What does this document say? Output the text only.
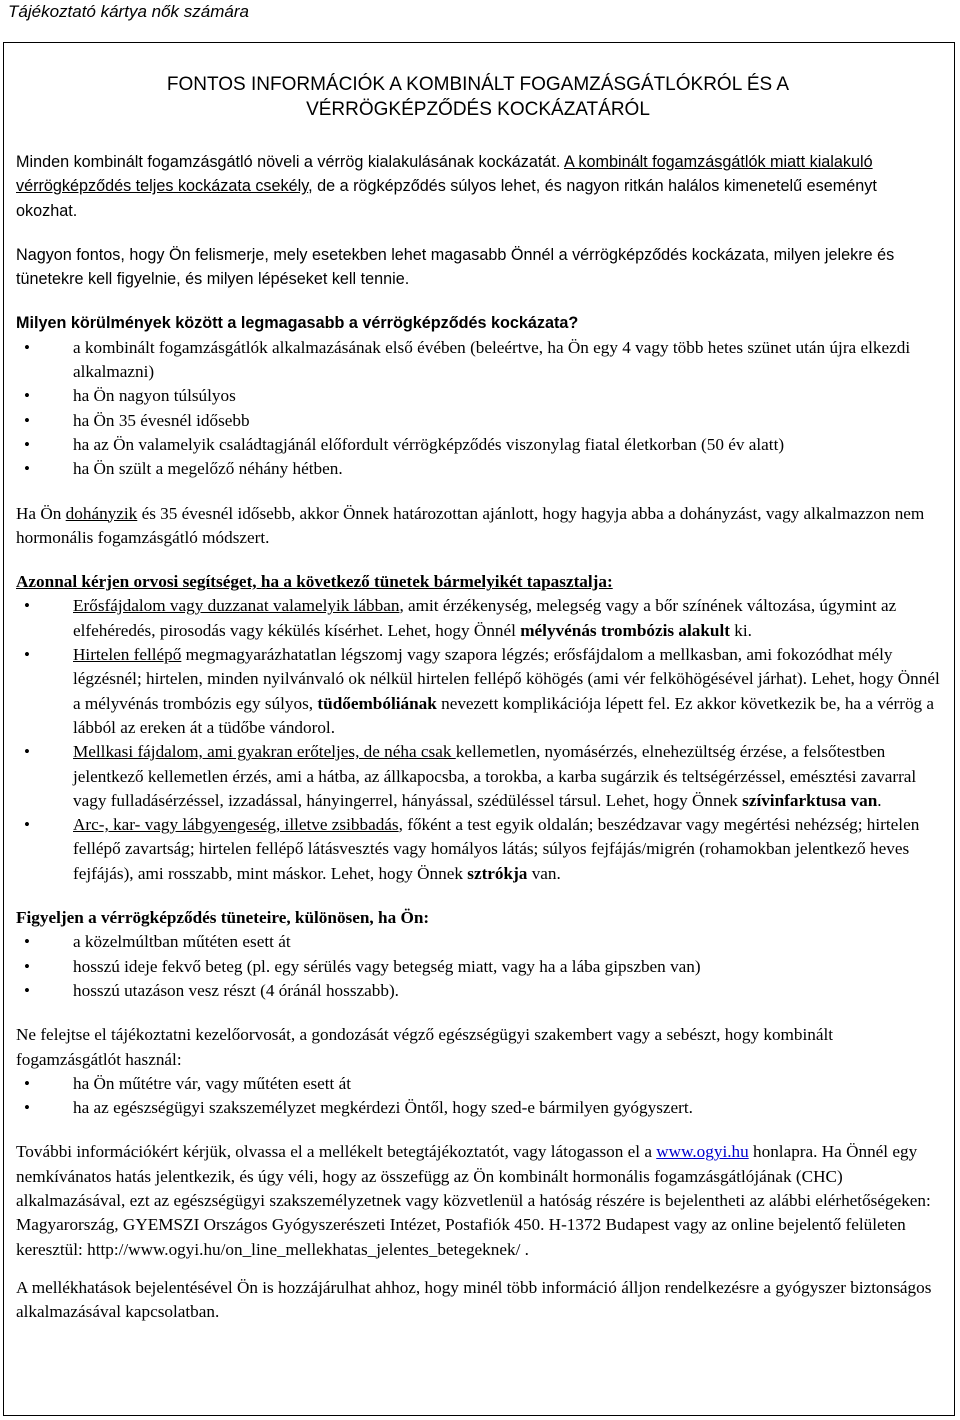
Tájékoztató kártya nők számára
FONTOS INFORMÁCIÓK A KOMBINÁLT FOGAMZÁSGÁTLÓKRÓL ÉS A
VÉRRÖGKÉPZŐDÉS KOCKÁZATÁRÓL

Minden kombinált fogamzásgátló növeli a vérrög kialakulásának kockázatát. A kombinált fogamzásgátlók miatt kialakuló vérrögképződés teljes kockázata csekély, de a rögképződés súlyos lehet, és nagyon ritkán halálos kimenetelű eseményt okozhat.

Nagyon fontos, hogy Ön felismerje, mely esetekben lehet magasabb Önnél a vérrögképződés kockázata, milyen jelekre és tünetekre kell figyelnie, és milyen lépéseket kell tennie.

Milyen körülmények között a legmagasabb a vérrögképződés kockázata?

• a kombinált fogamzásgátlók alkalmazásának első évében (beleértve, ha Ön egy 4 vagy több hetes szünet után újra elkezdi alkalmazni)
• ha Ön nagyon túlsúlyos
• ha Ön 35 évesnél idősebb
• ha az Ön valamelyik családtagjánál előfordult vérrögképződés viszonylag fiatal életkorban (50 év alatt)
• ha Ön szült a megelőző néhány hétben.

Ha Ön dohányzik és 35 évesnél idősebb, akkor Önnek határozottan ajánlott, hogy hagyja abba a dohányzást, vagy alkalmazzon nem hormonális fogamzásgátló módszert.

Azonnal kérjen orvosi segítséget, ha a következő tünetek bármelyikét tapasztalja:

• Erősfájdalom vagy duzzanat valamelyik lábban, amit érzékenység, melegség vagy a bőr színének változása, úgymint az elfehéredés, pirosodás vagy kékülés kísérhet. Lehet, hogy Önnél mélyvénás trombózis alakult ki.
• Hirtelen fellépő megmagyarázhatatlan légszomj vagy szapora légzés; erősfájdalom a mellkasban, ami fokozódhat mély légzésnél; hirtelen, minden nyilvánvaló ok nélkül hirtelen fellépő köhögés (ami vér felköhögésével járhat). Lehet, hogy Önnél a mélyvénás trombózis egy súlyos, tüdőembóliának nevezett komplikációja lépett fel. Ez akkor következik be, ha a vérrög a lábból az ereken át a tüdőbe vándorol.
• Mellkasi fájdalom, ami gyakran erőteljes, de néha csak kellemetlen, nyomásérzés, elnehezültség érzése, a felsőtestben jelentkező kellemetlen érzés, ami a hátba, az állkapocsba, a torokba, a karba sugárzik és teltségérzéssel, emésztési zavarral vagy fulladásérzéssel, izzadással, hányingerrel, hányással, szédüléssel társul. Lehet, hogy Önnek szívinfarktusa van.
• Arc-, kar- vagy lábgyengeség, illetve zsibbadás, főként a test egyik oldalán; beszédzavar vagy megértési nehézség; hirtelen fellépő zavartság; hirtelen fellépő látásvesztés vagy homályos látás; súlyos fejfájás/migrén (rohamokban jelentkező heves fejfájás), ami rosszabb, mint máskor. Lehet, hogy Önnek sztrókja van.

Figyeljen a vérrögképződés tüneteire, különösen, ha Ön:

• a közelmúltban műtéten esett át
• hosszú ideje fekvő beteg (pl. egy sérülés vagy betegség miatt, vagy ha a lába gipszben van)
• hosszú utazáson vesz részt (4 óránál hosszabb).

Ne felejtse el tájékoztatni kezelőorvosát, a gondozását végző egészségügyi szakembert vagy a sebészt, hogy kombinált fogamzásgátlót használ:

• ha Ön műtétre vár, vagy műtéten esett át
• ha az egészségügyi szakszemélyzet megkérdezi Öntől, hogy szed-e bármilyen gyógyszert.

További információkért kérjük, olvassa el a mellékelt betegtájékoztatót, vagy látogasson el a www.ogyi.hu honlapra. Ha Önnél egy nemkívánatos hatás jelentkezik, és úgy véli, hogy az összefügg az Ön kombinált hormonális fogamzásgátlójának (CHC) alkalmazásával, ezt az egészségügyi szakszemélyzetnek vagy közvetlenül a hatóság részére is bejelentheti az alábbi elérhetőségeken: Magyarország, GYEMSZI Országos Gyógyszerészeti Intézet, Postafiók 450. H-1372 Budapest vagy az online bejelentő felületen keresztül: http://www.ogyi.hu/on_line_mellekhatas_jelentes_betegeknek/ .

A mellékhatások bejelentésével Ön is hozzájárulhat ahhoz, hogy minél több információ álljon rendelkezésre a gyógyszer biztonságos alkalmazásával kapcsolatban.
